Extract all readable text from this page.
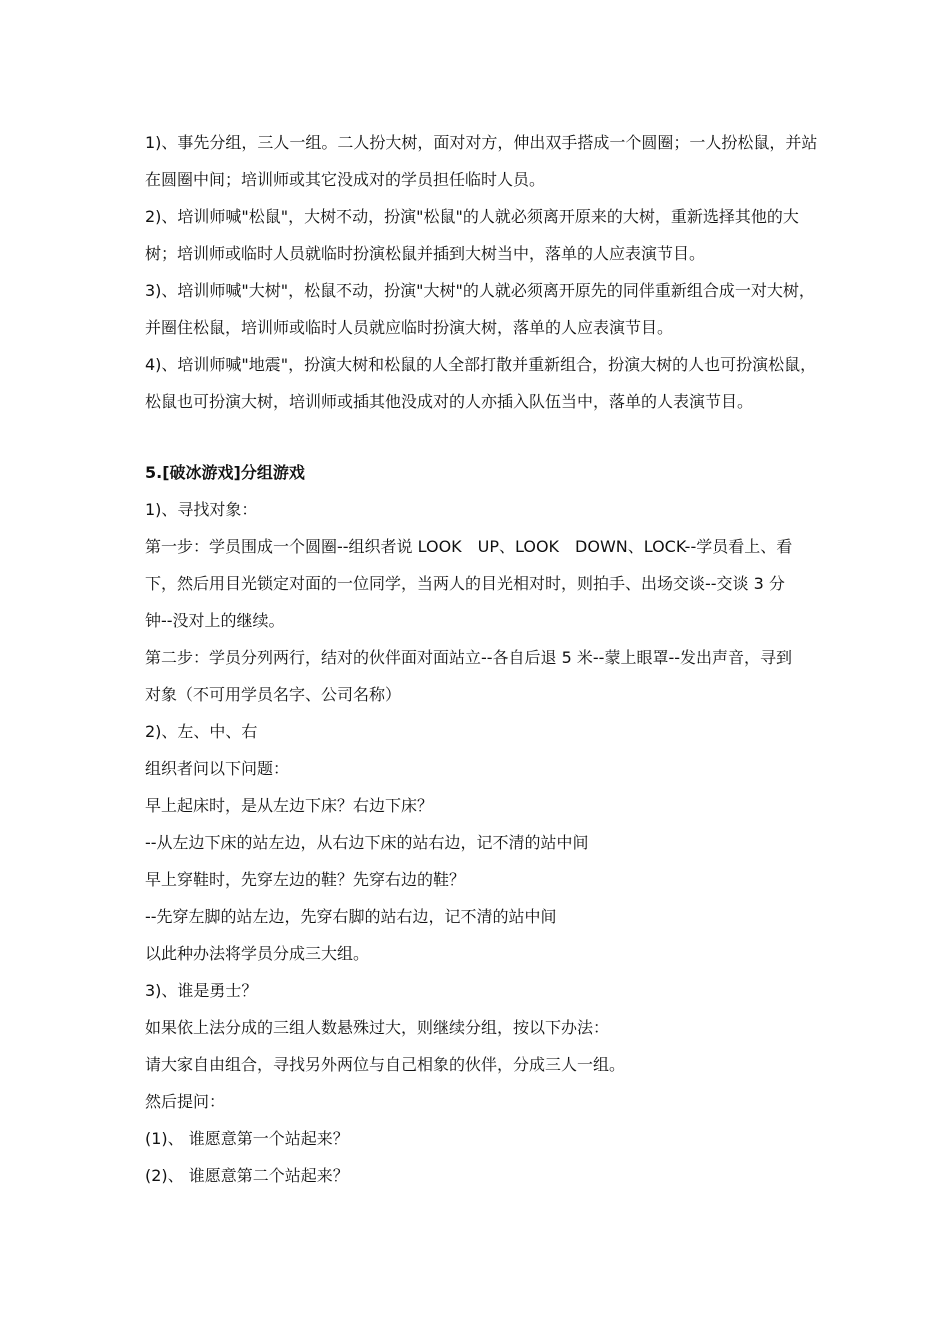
1)、事先分组，三人一组。二人扮大树，面对对方，伸出双手搭成一个圆圈；一人扮松鼠，并站
在圆圈中间；培训师或其它没成对的学员担任临时人员。
2)、培训师喊"松鼠"，大树不动，扮演"松鼠"的人就必须离开原来的大树，重新选择其他的大
树；培训师或临时人员就临时扮演松鼠并插到大树当中，落单的人应表演节目。
3)、培训师喊"大树"，松鼠不动，扮演"大树"的人就必须离开原先的同伴重新组合成一对大树，
并圈住松鼠，培训师或临时人员就应临时扮演大树，落单的人应表演节目。
4)、培训师喊"地震"，扮演大树和松鼠的人全部打散并重新组合，扮演大树的人也可扮演松鼠，
松鼠也可扮演大树，培训师或插其他没成对的人亦插入队伍当中，落单的人表演节目。
5.[破冰游戏]分组游戏
1)、寻找对象：
第一步：学员围成一个圆圈--组织者说 LOOK　UP、LOOK　DOWN、LOCK--学员看上、看
下，然后用目光锁定对面的一位同学，当两人的目光相对时，则拍手、出场交谈--交谈 3 分
钟--没对上的继续。
第二步：学员分列两行，结对的伙伴面对面站立--各自后退 5 米--蒙上眼罩--发出声音，寻到
对象（不可用学员名字、公司名称）
2)、左、中、右
组织者问以下问题：
早上起床时，是从左边下床？右边下床？
--从左边下床的站左边，从右边下床的站右边，记不清的站中间
早上穿鞋时，先穿左边的鞋？先穿右边的鞋？
--先穿左脚的站左边，先穿右脚的站右边，记不清的站中间
以此种办法将学员分成三大组。
3)、谁是勇士？
如果依上法分成的三组人数悬殊过大，则继续分组，按以下办法：
请大家自由组合，寻找另外两位与自己相象的伙伴，分成三人一组。
然后提问：
(1)、 谁愿意第一个站起来？
(2)、 谁愿意第二个站起来？
